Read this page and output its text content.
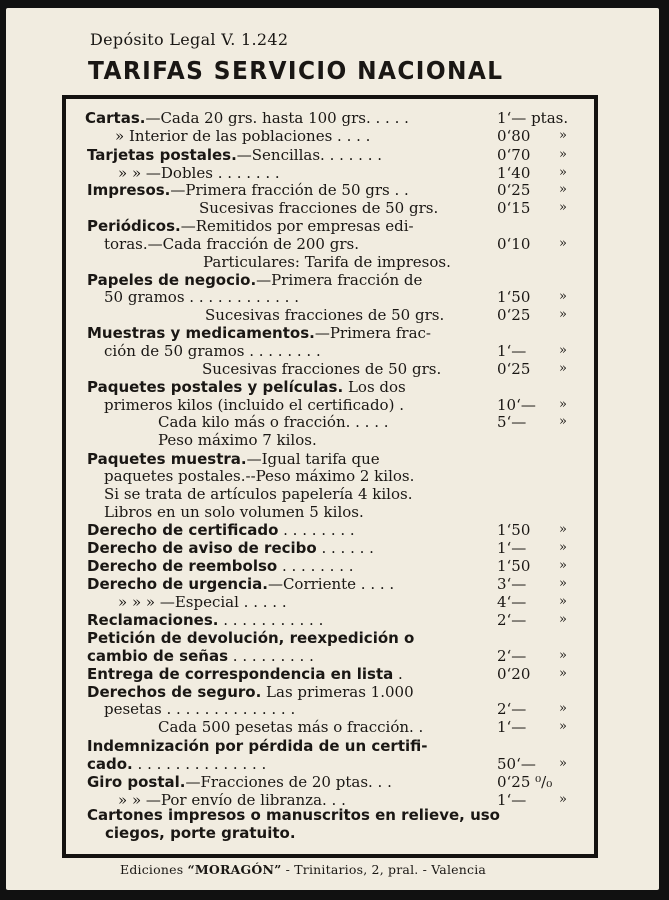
Depósito Legal V. 1.242
TARIFAS SERVICIO NACIONAL
Cartas.—Cada 20 grs. hasta 100 grs. . . . .	1‘— ptas.
» Interior de las poblaciones . . . .	0‘80 »
Tarjetas postales.—Sencillas. . . . . . .	0‘70 »
» » —Dobles . . . . . . .	1‘40 »
Impresos.—Primera fracción de 50 grs . .	0‘25 »
Sucesivas fracciones de 50 grs.	0‘15 »
Periódicos.—Remitidos por empresas edi-
toras.—Cada fracción de 200 grs.	0‘10 »
Particulares: Tarifa de impresos.
Papeles de negocio.—Primera fracción de
50 gramos . . . . . . . . . . . .	1‘50 »
Sucesivas fracciones de 50 grs.	0‘25 »
Muestras y medicamentos.—Primera frac-
ción de 50 gramos . . . . . . . .	1‘—	»
Sucesivas fracciones de 50 grs.	0‘25 »
Paquetes postales y películas. Los dos
primeros kilos (incluido el certificado) .	10‘— »
Cada kilo más o fracción. . . . .	5‘—	»
Peso máximo 7 kilos.
Paquetes muestra.—Igual tarifa que
paquetes postales.--Peso máximo 2 kilos.
Si se trata de artículos papelería 4 kilos.
Libros en un solo volumen 5 kilos.
Derecho de certificado . . . . . . . .	1‘50 »
Derecho de aviso de recibo . . . . . .	1‘—	»
Derecho de reembolso . . . . . . . .	1‘50 »
Derecho de urgencia.—Corriente . . . .	3‘—	»
» » » —Especial . . . . .	4‘—	»
Reclamaciones. . . . . . . . . . . .	2‘—	»
Petición de devolución, reexpedición o
cambio de señas . . . . . . . . .	2‘—	»
Entrega de correspondencia en lista .	0‘20 »
Derechos de seguro. Las primeras 1.000
pesetas . . . . . . . . . . . . . .	2‘—	»
Cada 500 pesetas más o fracción. .	1‘—	»
Indemnización por pérdida de un certifi-
cado. . . . . . . . . . . . . . .	50‘— »
Giro postal.—Fracciones de 20 ptas. . .	0‘25 ⁰/₀
» » —Por envío de libranza. . .	1‘—	»
Cartones impresos o manuscritos en relieve, uso
ciegos, porte gratuito.
Ediciones “MORAGÓN” - Trinitarios, 2, pral. - Valencia
